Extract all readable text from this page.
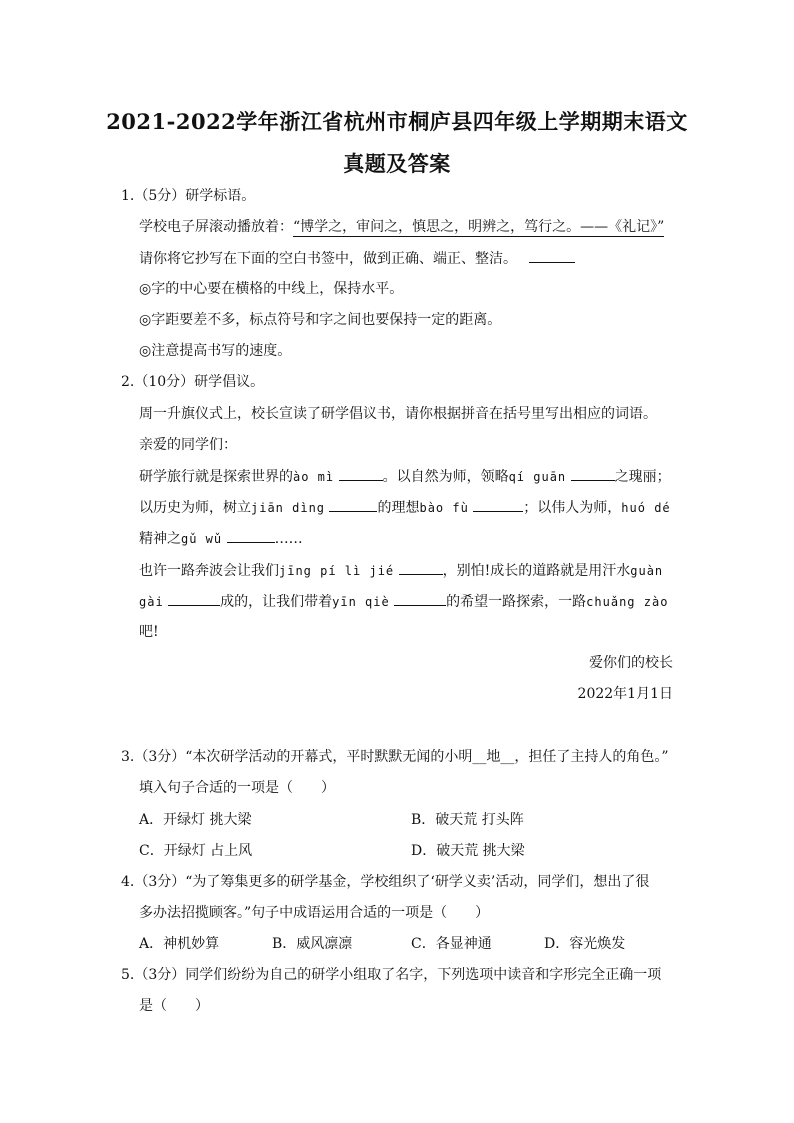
2021-2022学年浙江省杭州市桐庐县四年级上学期期末语文
真题及答案
1.（5分）研学标语。
学校电子屏滚动播放着：“博学之，审问之，慎思之，明辨之，笃行之。——《礼记》”
请你将它抄写在下面的空白书签中，做到正确、端正、整洁。
◎字的中心要在横格的中线上，保持水平。
◎字距要差不多，标点符号和字之间也要保持一定的距离。
◎注意提高书写的速度。
2.（10分）研学倡议。
周一升旗仪式上，校长宣读了研学倡议书，请你根据拼音在括号里写出相应的词语。
亲爱的同学们：
研学旅行就是探索世界的ào mì	。以自然为师，领略qí guān	之瑰丽；
以历史为师，树立jiān dìng	的理想bào fù	；以伟人为师，huó dé
精神之gǔ wǔ	……
也许一路奔波会让我们jīng pí lì jié	，别怕!成长的道路就是用汗水guàn
gài	成的，让我们带着yīn qiè	的希望一路探索，一路chuǎng zào
吧!
爱你们的校长
2022年1月1日
3.（3分）“本次研学活动的开幕式，平时默默无闻的小明__地__，担任了主持人的角色。”
填入句子合适的一项是（　　）
A．开绿灯 挑大梁	B．破天荒 打头阵
C．开绿灯 占上风	D．破天荒 挑大梁
4.（3分）“为了筹集更多的研学基金，学校组织了‘研学义卖’活动，同学们，想出了很
多办法招揽顾客。”句子中成语运用合适的一项是（　　）
A．神机妙算	B．威风凛凛	C．各显神通	D．容光焕发
5.（3分）同学们纷纷为自己的研学小组取了名字，下列选项中读音和字形完全正确一项
是（　　）
